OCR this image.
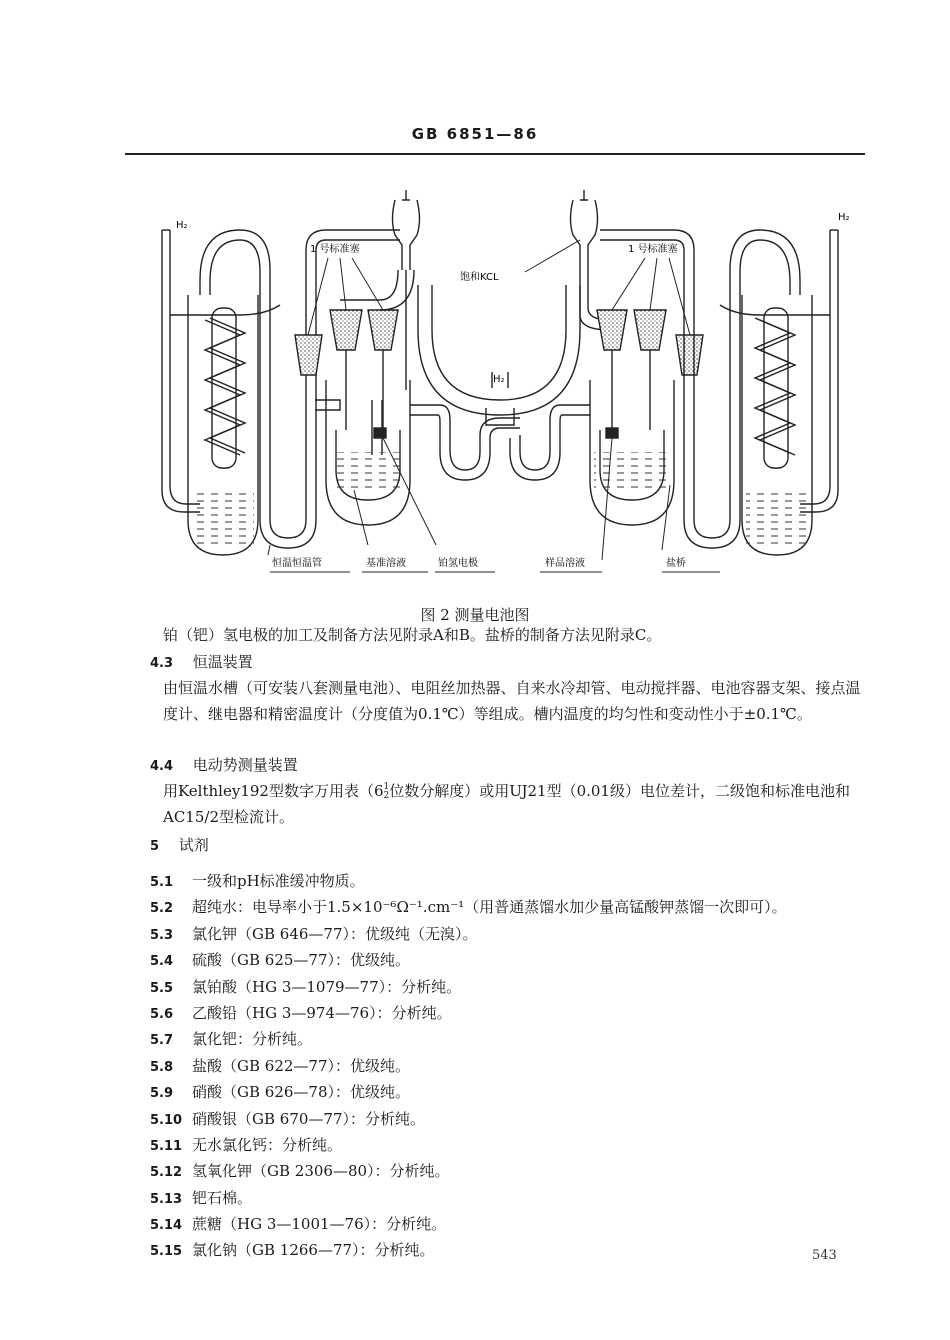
GB 6851—86
H₂
H₂
H₂
1 号标准塞	1 号标准塞
饱和KCL
恒温恒温管	基准溶液	铂氢电极	样品溶液	盐桥
图 2 测量电池图
铂（钯）氢电极的加工及制备方法见附录A和B。盐桥的制备方法见附录C。
4.3 恒温装置
由恒温水槽（可安装八套测量电池）、电阻丝加热器、自来水冷却管、电动搅拌器、电池容器支架、接点温度计、继电器和精密温度计（分度值为0.1℃）等组成。槽内温度的均匀性和变动性小于±0.1℃。
4.4 电动势测量装置
用Kelthley192型数字万用表（61
2位数分解度）或用UJ21型（0.01级）电位差计，二级饱和标准电池和AC15/2型检流计。
5 试剂
5.1 一级和pH标准缓冲物质。
5.2 超纯水：电导率小于1.5×10⁻⁶Ω⁻¹.cm⁻¹（用普通蒸馏水加少量高锰酸钾蒸馏一次即可）。
5.3 氯化钾（GB 646—77）：优级纯（无溴）。
5.4 硫酸（GB 625—77）：优级纯。
5.5 氯铂酸（HG 3—1079—77）：分析纯。
5.6 乙酸铅（HG 3—974—76）：分析纯。
5.7 氯化钯：分析纯。
5.8 盐酸（GB 622—77）：优级纯。
5.9 硝酸（GB 626—78）：优级纯。
5.10 硝酸银（GB 670—77）：分析纯。
5.11 无水氯化钙：分析纯。
5.12 氢氧化钾（GB 2306—80）：分析纯。
5.13 钯石棉。
5.14 蔗糖（HG 3—1001—76）：分析纯。
5.15 氯化钠（GB 1266—77）：分析纯。	543
